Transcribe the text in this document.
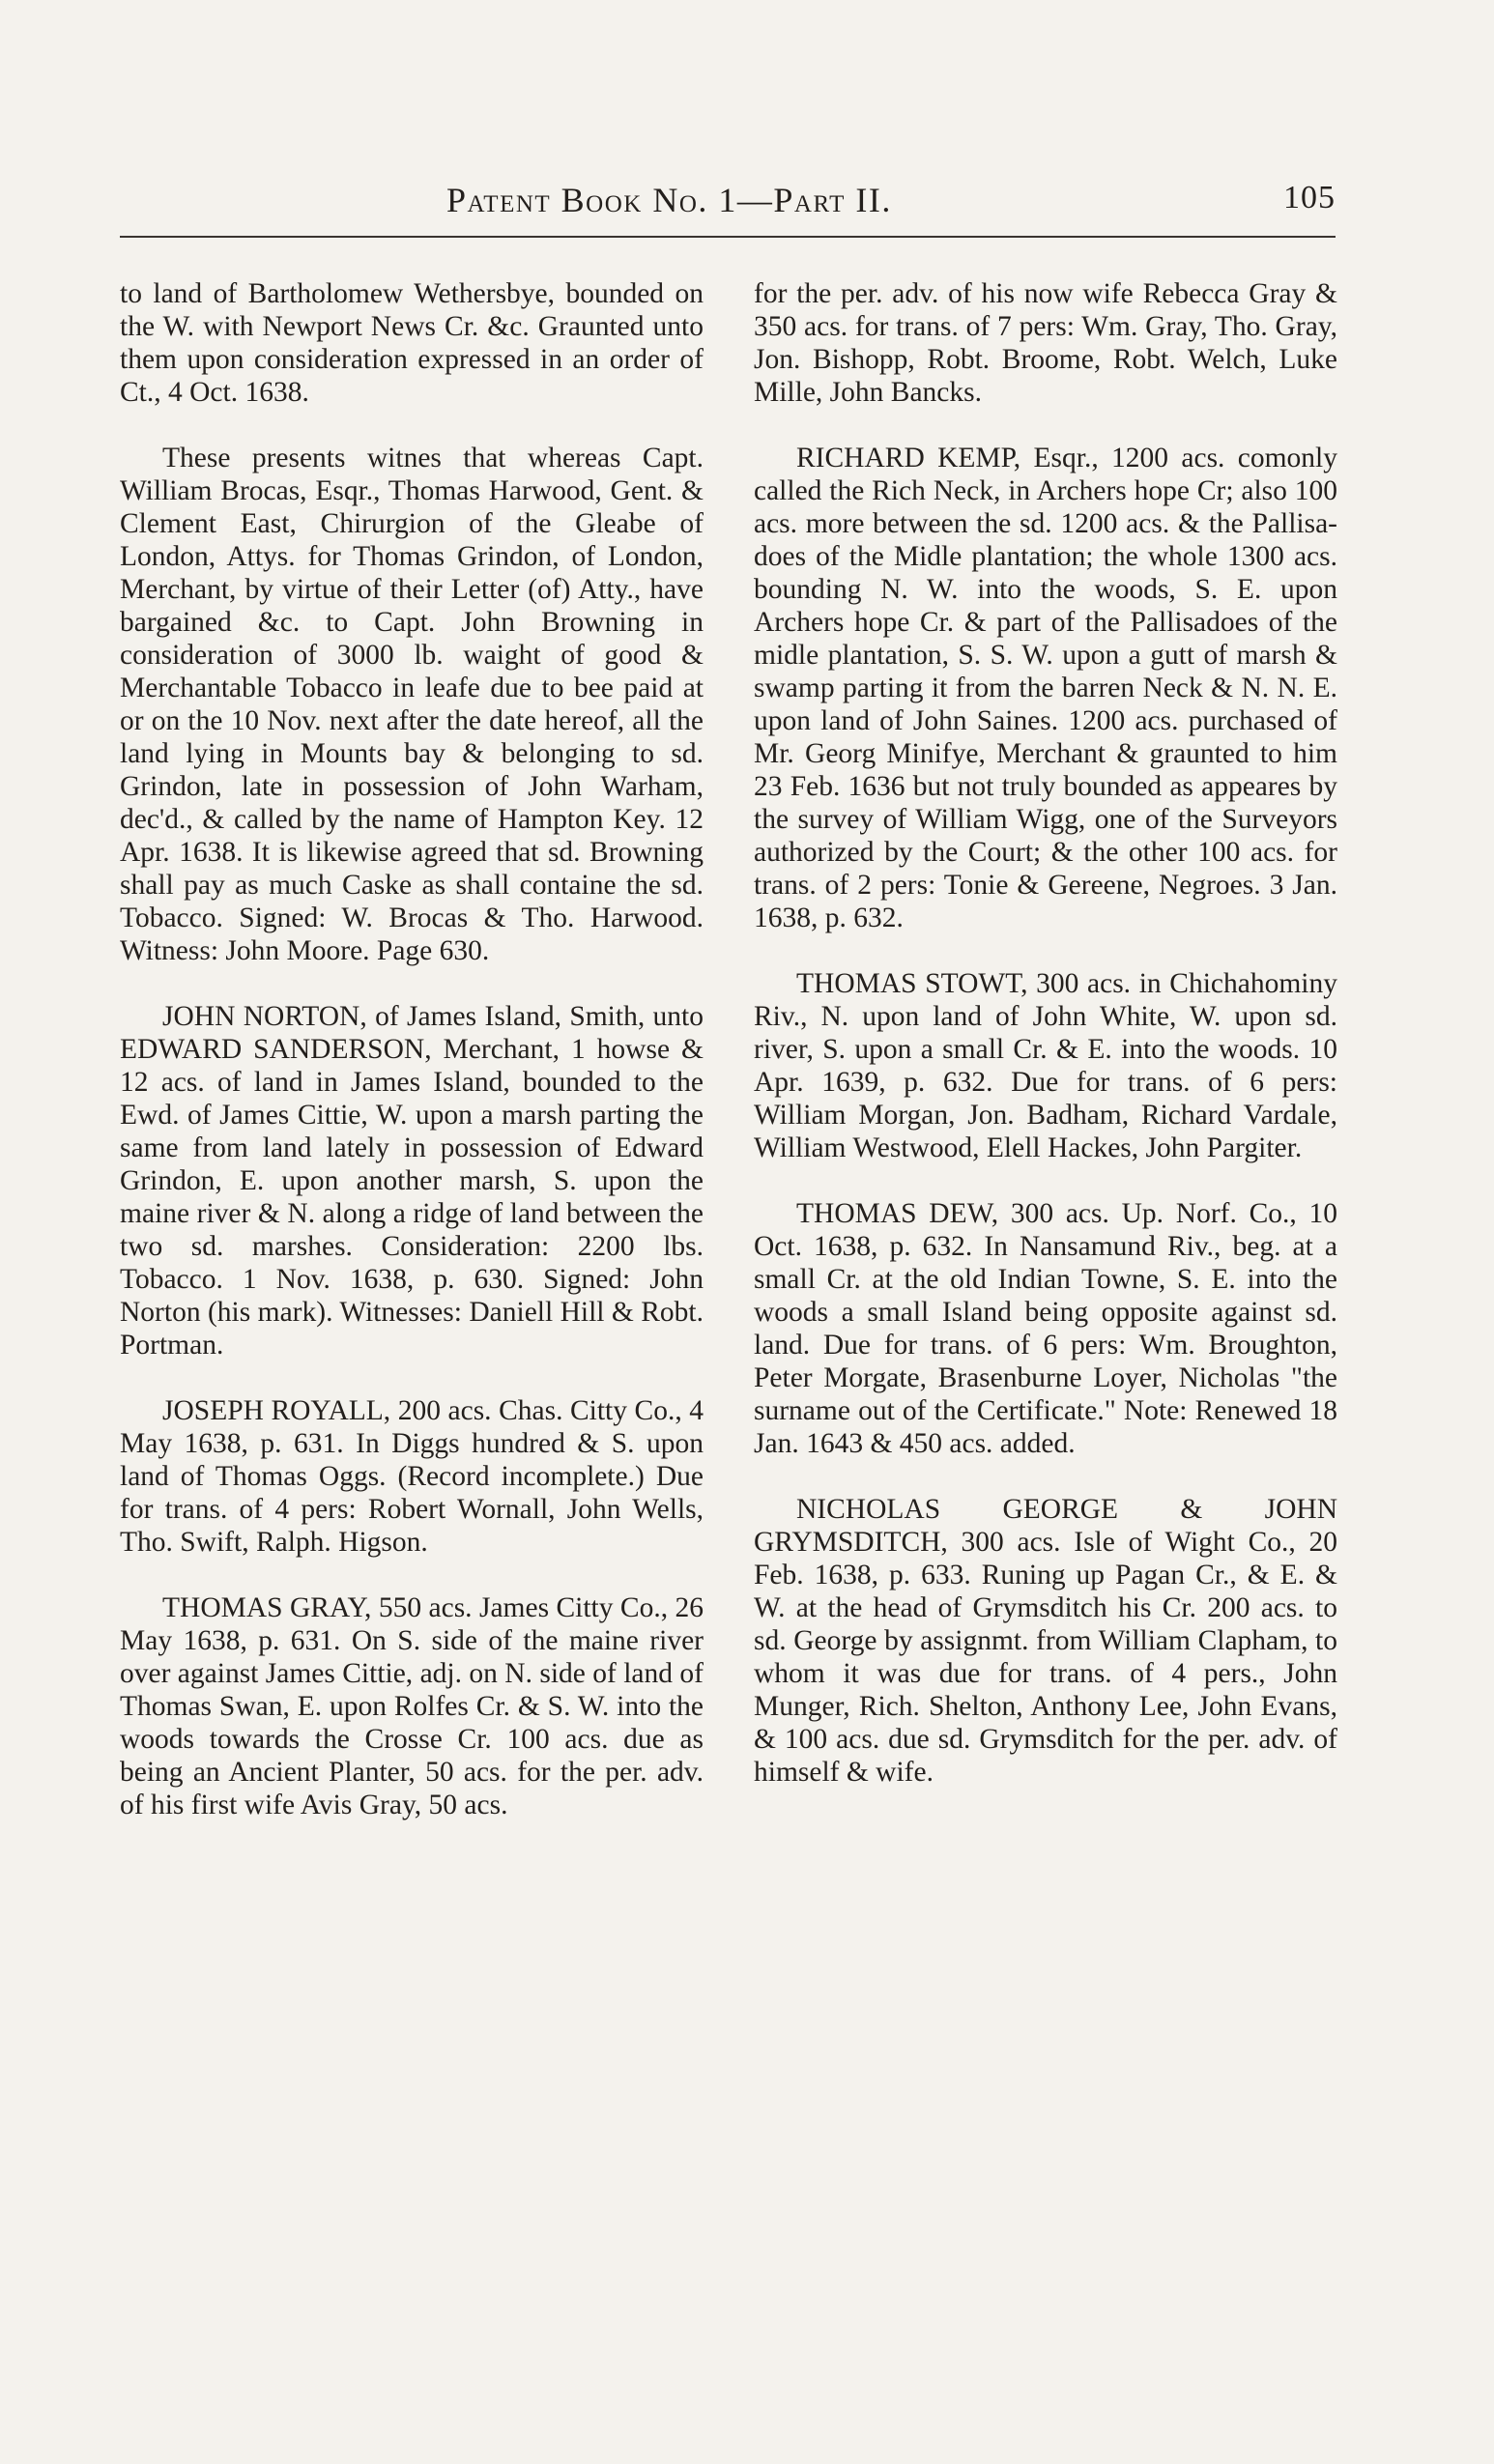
Patent Book No. 1—Part II.	105

to land of Bartholomew Wethersbye, bounded on the W. with Newport News Cr. &c. Graunted unto them upon consideration expressed in an order of Ct., 4 Oct. 1638.

These presents witnes that whereas Capt. William Brocas, Esqr., Thomas Harwood, Gent. & Clement East, Chirurgion of the Gleabe of London, Attys. for Thomas Grindon, of London, Merchant, by virtue of their Letter (of) Atty., have bargained &c. to Capt. John Browning in consideration of 3000 lb. waight of good & Merchantable Tobacco in leafe due to bee paid at or on the 10 Nov. next after the date hereof, all the land lying in Mounts bay & belonging to sd. Grindon, late in possession of John Warham, dec'd., & called by the name of Hampton Key. 12 Apr. 1638. It is likewise agreed that sd. Browning shall pay as much Caske as shall containe the sd. Tobacco. Signed: W. Brocas & Tho. Harwood. Witness: John Moore. Page 630.

JOHN NORTON, of James Island, Smith, unto EDWARD SANDERSON, Merchant, 1 howse & 12 acs. of land in James Island, bounded to the Ewd. of James Cittie, W. upon a marsh parting the same from land lately in possession of Edward Grindon, E. upon another marsh, S. upon the maine river & N. along a ridge of land between the two sd. marshes. Consideration: 2200 lbs. Tobacco. 1 Nov. 1638, p. 630. Signed: John Norton (his mark). Witnesses: Daniell Hill & Robt. Portman.

JOSEPH ROYALL, 200 acs. Chas. Citty Co., 4 May 1638, p. 631. In Diggs hundred & S. upon land of Thomas Oggs. (Record incomplete.) Due for trans. of 4 pers: Robert Wornall, John Wells, Tho. Swift, Ralph. Higson.

THOMAS GRAY, 550 acs. James Citty Co., 26 May 1638, p. 631. On S. side of the maine river over against James Cittie, adj. on N. side of land of Thomas Swan, E. upon Rolfes Cr. & S. W. into the woods towards the Crosse Cr. 100 acs. due as being an Ancient Planter, 50 acs. for the per. adv. of his first wife Avis Gray, 50 acs.

for the per. adv. of his now wife Rebecca Gray & 350 acs. for trans. of 7 pers: Wm. Gray, Tho. Gray, Jon. Bishopp, Robt. Broome, Robt. Welch, Luke Mille, John Bancks.

RICHARD KEMP, Esqr., 1200 acs. comonly called the Rich Neck, in Archers hope Cr; also 100 acs. more between the sd. 1200 acs. & the Pallisadoes of the Midle plantation; the whole 1300 acs. bounding N. W. into the woods, S. E. upon Archers hope Cr. & part of the Pallisadoes of the midle plantation, S. S. W. upon a gutt of marsh & swamp parting it from the barren Neck & N. N. E. upon land of John Saines. 1200 acs. purchased of Mr. Georg Minifye, Merchant & graunted to him 23 Feb. 1636 but not truly bounded as appeares by the survey of William Wigg, one of the Surveyors authorized by the Court; & the other 100 acs. for trans. of 2 pers: Tonie & Gereene, Negroes. 3 Jan. 1638, p. 632.

THOMAS STOWT, 300 acs. in Chichahominy Riv., N. upon land of John White, W. upon sd. river, S. upon a small Cr. & E. into the woods. 10 Apr. 1639, p. 632. Due for trans. of 6 pers: William Morgan, Jon. Badham, Richard Vardale, William Westwood, Elell Hackes, John Pargiter.

THOMAS DEW, 300 acs. Up. Norf. Co., 10 Oct. 1638, p. 632. In Nansamund Riv., beg. at a small Cr. at the old Indian Towne, S. E. into the woods a small Island being opposite against sd. land. Due for trans. of 6 pers: Wm. Broughton, Peter Morgate, Brasenburne Loyer, Nicholas "the surname out of the Certificate." Note: Renewed 18 Jan. 1643 & 450 acs. added.

NICHOLAS GEORGE & JOHN GRYMSDITCH, 300 acs. Isle of Wight Co., 20 Feb. 1638, p. 633. Runing up Pagan Cr., & E. & W. at the head of Grymsditch his Cr. 200 acs. to sd. George by assignmt. from William Clapham, to whom it was due for trans. of 4 pers., John Munger, Rich. Shelton, Anthony Lee, John Evans, & 100 acs. due sd. Grymsditch for the per. adv. of himself & wife.
